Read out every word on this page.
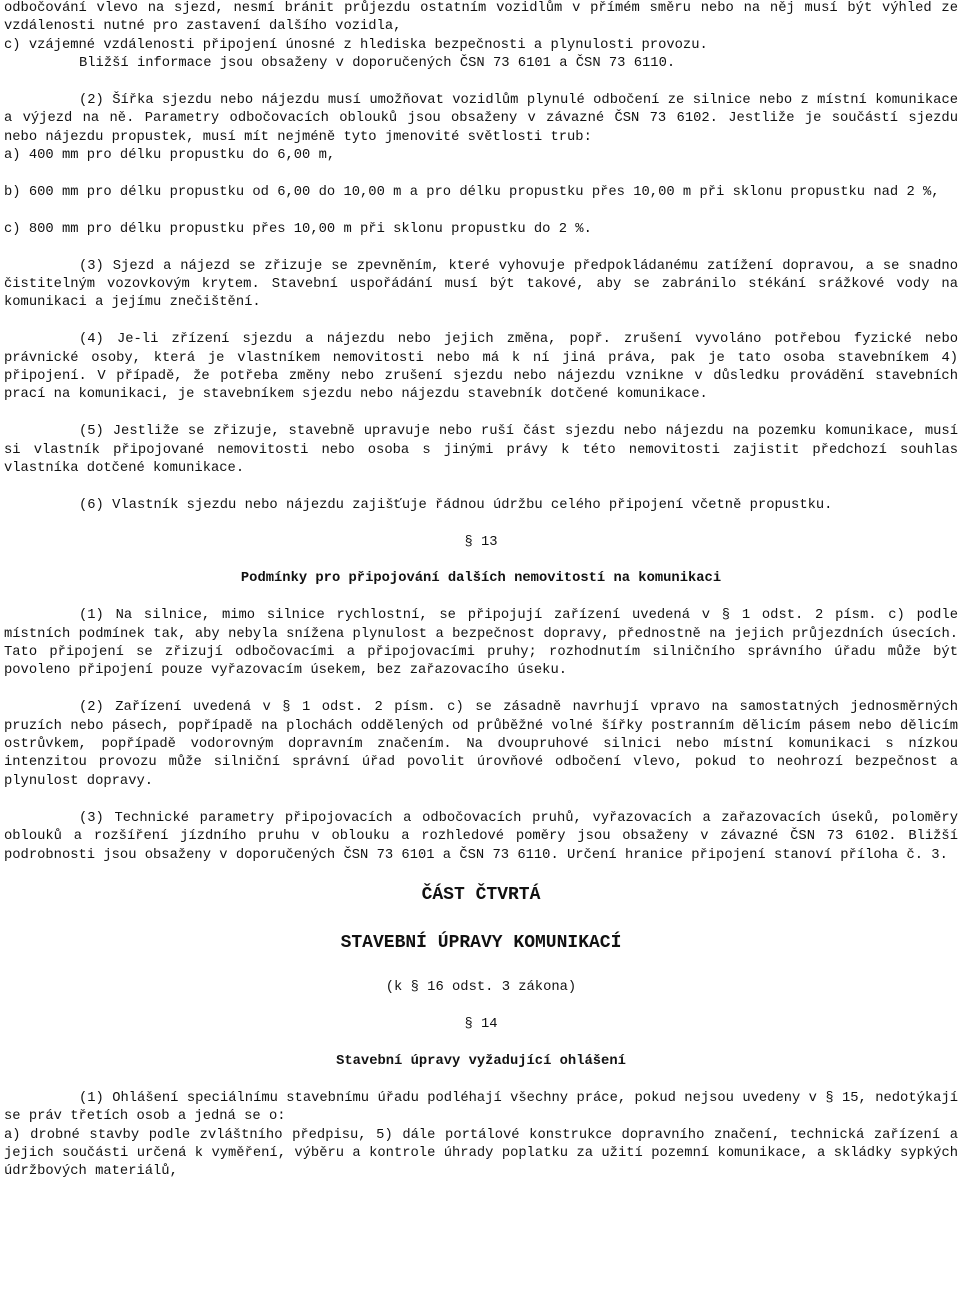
odbočování vlevo na sjezd, nesmí bránit průjezdu ostatním vozidlům v přímém směru nebo na něj musí být výhled ze vzdálenosti nutné pro zastavení dalšího vozidla,

c) vzájemné vzdálenosti připojení únosné z hlediska bezpečnosti a plynulosti provozu.

Bližší informace jsou obsaženy v doporučených ČSN 73 6101 a ČSN 73 6110.

(2) Šířka sjezdu nebo nájezdu musí umožňovat vozidlům plynulé odbočení ze silnice nebo z místní komunikace a výjezd na ně. Parametry odbočovacích oblouků jsou obsaženy v závazné ČSN 73 6102. Jestliže je součástí sjezdu nebo nájezdu propustek, musí mít nejméně tyto jmenovité světlosti trub:

a) 400 mm pro délku propustku do 6,00 m,

b) 600 mm pro délku propustku od 6,00 do 10,00 m a pro délku propustku přes 10,00 m při sklonu propustku nad 2 %,

c) 800 mm pro délku propustku přes 10,00 m při sklonu propustku do 2 %.

(3) Sjezd a nájezd se zřizuje se zpevněním, které vyhovuje předpokládanému zatížení dopravou, a se snadno čistitelným vozovkovým krytem. Stavební uspořádání musí být takové, aby se zabránilo stékání srážkové vody na komunikaci a jejímu znečištění.

(4) Je-li zřízení sjezdu a nájezdu nebo jejich změna, popř. zrušení vyvoláno potřebou fyzické nebo právnické osoby, která je vlastníkem nemovitosti nebo má k ní jiná práva, pak je tato osoba stavebníkem 4) připojení. V případě, že potřeba změny nebo zrušení sjezdu nebo nájezdu vznikne v důsledku provádění stavebních prací na komunikaci, je stavebníkem sjezdu nebo nájezdu stavebník dotčené komunikace.

(5) Jestliže se zřizuje, stavebně upravuje nebo ruší část sjezdu nebo nájezdu na pozemku komunikace, musí si vlastník připojované nemovitosti nebo osoba s jinými právy k této nemovitosti zajistit předchozí souhlas vlastníka dotčené komunikace.

(6) Vlastník sjezdu nebo nájezdu zajišťuje řádnou údržbu celého připojení včetně propustku.

§ 13

Podmínky pro připojování dalších nemovitostí na komunikaci

(1) Na silnice, mimo silnice rychlostní, se připojují zařízení uvedená v § 1 odst. 2 písm. c) podle místních podmínek tak, aby nebyla snížena plynulost a bezpečnost dopravy, přednostně na jejich průjezdních úsecích. Tato připojení se zřizují odbočovacími a připojovacími pruhy; rozhodnutím silničního správního úřadu může být povoleno připojení pouze vyřazovacím úsekem, bez zařazovacího úseku.

(2) Zařízení uvedená v § 1 odst. 2 písm. c) se zásadně navrhují vpravo na samostatných jednosměrných pruzích nebo pásech, popřípadě na plochách oddělených od průběžné volné šířky postranním dělicím pásem nebo dělicím ostrůvkem, popřípadě vodorovným dopravním značením. Na dvoupruhové silnici nebo místní komunikaci s nízkou intenzitou provozu může silniční správní úřad povolit úrovňové odbočení vlevo, pokud to neohrozí bezpečnost a plynulost dopravy.

(3) Technické parametry připojovacích a odbočovacích pruhů, vyřazovacích a zařazovacích úseků, poloměry oblouků a rozšíření jízdního pruhu v oblouku a rozhledové poměry jsou obsaženy v závazné ČSN 73 6102. Bližší podrobnosti jsou obsaženy v doporučených ČSN 73 6101 a ČSN 73 6110. Určení hranice připojení stanoví příloha č. 3.

ČÁST ČTVRTÁ

STAVEBNÍ ÚPRAVY KOMUNIKACÍ

(k § 16 odst. 3 zákona)

§ 14

Stavební úpravy vyžadující ohlášení

(1) Ohlášení speciálnímu stavebnímu úřadu podléhají všechny práce, pokud nejsou uvedeny v § 15, nedotýkají se práv třetích osob a jedná se o:

a) drobné stavby podle zvláštního předpisu, 5) dále portálové konstrukce dopravního značení, technická zařízení a jejich součásti určená k vyměření, výběru a kontrole úhrady poplatku za užití pozemní komunikace, a skládky sypkých údržbových materiálů,
